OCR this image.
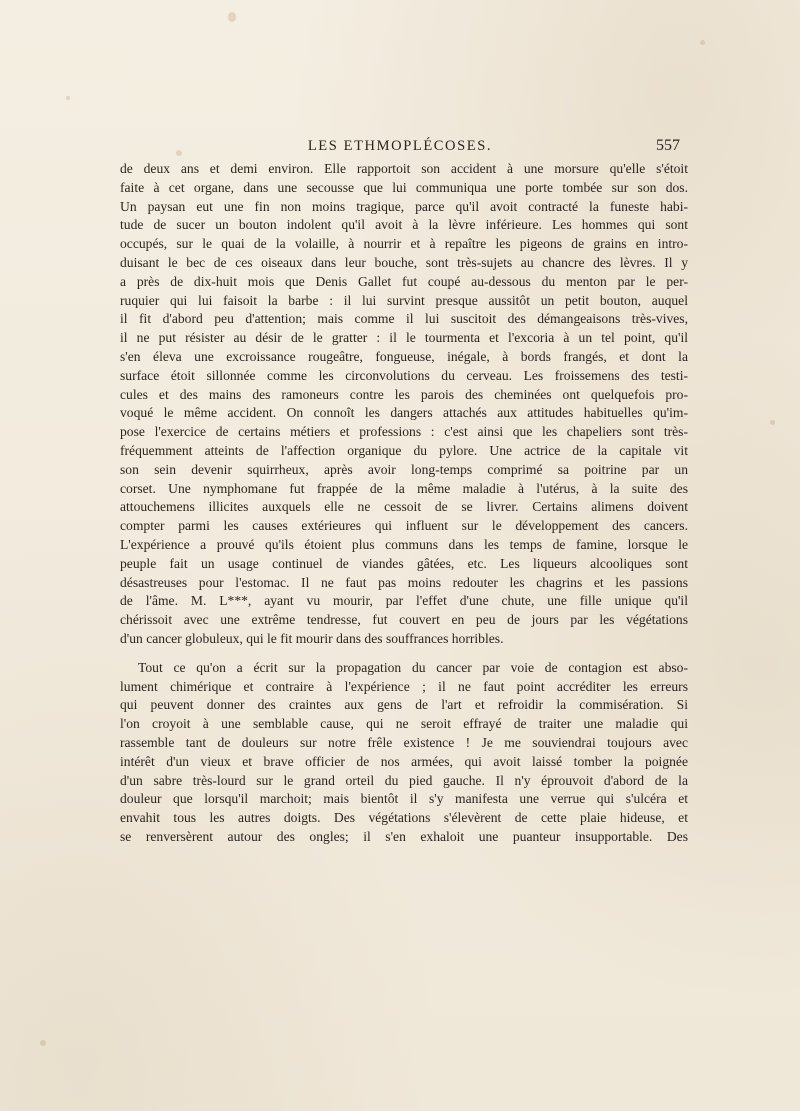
LES ETHMOPLÉCOSES.	557

de deux ans et demi environ. Elle rapportoit son accident à une morsure qu'elle s'étoit
faite à cet organe, dans une secousse que lui communiqua une porte tombée sur son dos.
Un paysan eut une fin non moins tragique, parce qu'il avoit contracté la funeste habi-
tude de sucer un bouton indolent qu'il avoit à la lèvre inférieure. Les hommes qui sont
occupés, sur le quai de la volaille, à nourrir et à repaître les pigeons de grains en intro-
duisant le bec de ces oiseaux dans leur bouche, sont très-sujets au chancre des lèvres. Il y
a près de dix-huit mois que Denis Gallet fut coupé au-dessous du menton par le per-
ruquier qui lui faisoit la barbe : il lui survint presque aussitôt un petit bouton, auquel
il fit d'abord peu d'attention; mais comme il lui suscitoit des démangeaisons très-vives,
il ne put résister au désir de le gratter : il le tourmenta et l'excoria à un tel point, qu'il
s'en éleva une excroissance rougeâtre, fongueuse, inégale, à bords frangés, et dont la
surface étoit sillonnée comme les circonvolutions du cerveau. Les froissemens des testi-
cules et des mains des ramoneurs contre les parois des cheminées ont quelquefois pro-
voqué le même accident. On connoît les dangers attachés aux attitudes habituelles qu'im-
pose l'exercice de certains métiers et professions : c'est ainsi que les chapeliers sont très-
fréquemment atteints de l'affection organique du pylore. Une actrice de la capitale vit
son sein devenir squirrheux, après avoir long-temps comprimé sa poitrine par un
corset. Une nymphomane fut frappée de la même maladie à l'utérus, à la suite des
attouchemens illicites auxquels elle ne cessoit de se livrer. Certains alimens doivent
compter parmi les causes extérieures qui influent sur le développement des cancers.
L'expérience a prouvé qu'ils étoient plus communs dans les temps de famine, lorsque le
peuple fait un usage continuel de viandes gâtées, etc. Les liqueurs alcooliques sont
désastreuses pour l'estomac. Il ne faut pas moins redouter les chagrins et les passions
de l'âme. M. L***, ayant vu mourir, par l'effet d'une chute, une fille unique qu'il
chérissoit avec une extrême tendresse, fut couvert en peu de jours par les végétations
d'un cancer globuleux, qui le fit mourir dans des souffrances horribles.

Tout ce qu'on a écrit sur la propagation du cancer par voie de contagion est abso-
lument chimérique et contraire à l'expérience ; il ne faut point accréditer les erreurs
qui peuvent donner des craintes aux gens de l'art et refroidir la commisération. Si
l'on croyoit à une semblable cause, qui ne seroit effrayé de traiter une maladie qui
rassemble tant de douleurs sur notre frêle existence ! Je me souviendrai toujours avec
intérêt d'un vieux et brave officier de nos armées, qui avoit laissé tomber la poignée
d'un sabre très-lourd sur le grand orteil du pied gauche. Il n'y éprouvoit d'abord de la
douleur que lorsqu'il marchoit; mais bientôt il s'y manifesta une verrue qui s'ulcéra et
envahit tous les autres doigts. Des végétations s'élevèrent de cette plaie hideuse, et
se renversèrent autour des ongles; il s'en exhaloit une puanteur insupportable. Des
